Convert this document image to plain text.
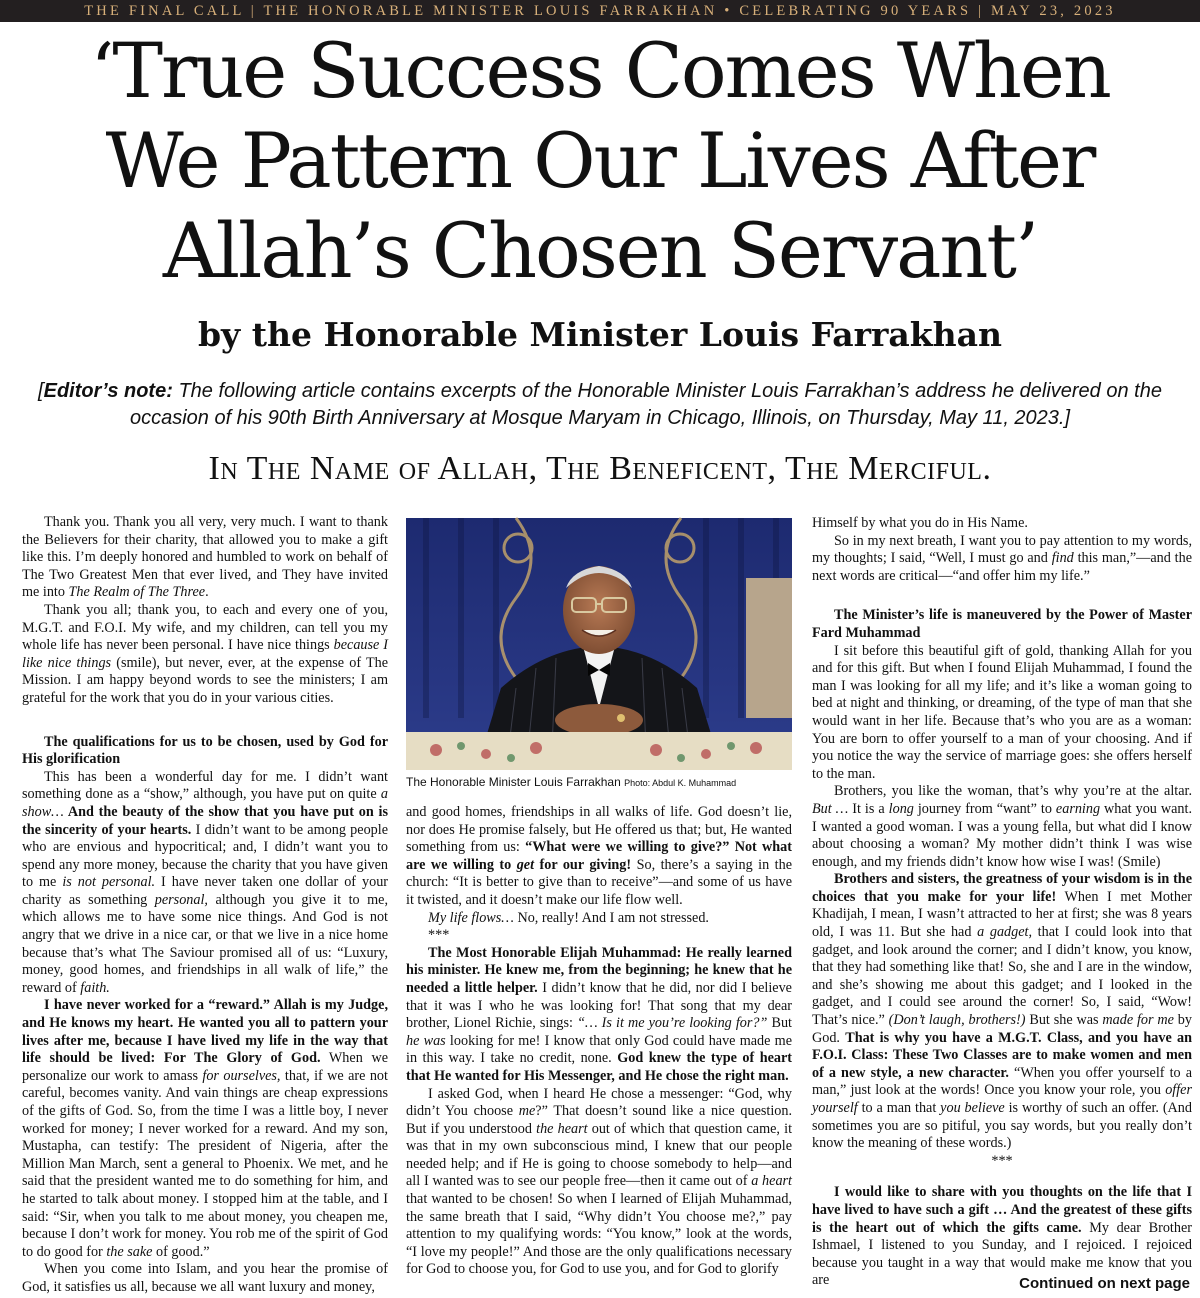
THE FINAL CALL | THE HONORABLE MINISTER LOUIS FARRAKHAN • CELEBRATING 90 YEARS | MAY 23, 2023
‘True Success Comes When
We Pattern Our Lives After
Allah’s Chosen Servant’
by the Honorable Minister Louis Farrakhan
[Editor’s note: The following article contains excerpts of the Honorable Minister Louis Farrakhan’s address he delivered on the occasion of his 90th Birth Anniversary at Mosque Maryam in Chicago, Illinois, on Thursday, May 11, 2023.]
In The Name of Allah, The Beneficent, The Merciful.

Thank you. Thank you all very, very much. I want to thank the Believers for their charity, that allowed you to make a gift like this. I’m deeply honored and humbled to work on behalf of The Two Greatest Men that ever lived, and They have invited me into The Realm of The Three.

Thank you all; thank you, to each and every one of you, M.G.T. and F.O.I. My wife, and my children, can tell you my whole life has never been personal. I have nice things because I like nice things (smile), but never, ever, at the expense of The Mission. I am happy beyond words to see the ministers; I am grateful for the work that you do in your various cities.

The qualifications for us to be chosen, used by God for His glorification

This has been a wonderful day for me. I didn’t want something done as a “show,” although, you have put on quite a show… And the beauty of the show that you have put on is the sincerity of your hearts. I didn’t want to be among people who are envious and hypocritical; and, I didn’t want you to spend any more money, because the charity that you have given to me is not personal. I have never taken one dollar of your charity as something personal, although you give it to me, which allows me to have some nice things. And God is not angry that we drive in a nice car, or that we live in a nice home because that’s what The Saviour promised all of us: “Luxury, money, good homes, and friendships in all walk of life,” the reward of faith.

I have never worked for a “reward.” Allah is my Judge, and He knows my heart. He wanted you all to pattern your lives after me, because I have lived my life in the way that life should be lived: For The Glory of God. When we personalize our work to amass for ourselves, that, if we are not careful, becomes vanity. And vain things are cheap expressions of the gifts of God. So, from the time I was a little boy, I never worked for money; I never worked for a reward. And my son, Mustapha, can testify: The president of Nigeria, after the Million Man March, sent a general to Phoenix. We met, and he said that the president wanted me to do something for him, and he started to talk about money. I stopped him at the table, and I said: “Sir, when you talk to me about money, you cheapen me, because I don’t work for money. You rob me of the spirit of God to do good for the sake of good.”

When you come into Islam, and you hear the promise of God, it satisfies us all, because we all want luxury and money,

The Honorable Minister Louis Farrakhan Photo: Abdul K. Muhammad

and good homes, friendships in all walks of life. God doesn’t lie, nor does He promise falsely, but He offered us that; but, He wanted something from us: “What were we willing to give?” Not what are we willing to get for our giving! So, there’s a saying in the church: “It is better to give than to receive”—and some of us have it twisted, and it doesn’t make our life flow well.

My life flows… No, really! And I am not stressed.

***

The Most Honorable Elijah Muhammad: He really learned his minister. He knew me, from the beginning; he knew that he needed a little helper. I didn’t know that he did, nor did I believe that it was I who he was looking for! That song that my dear brother, Lionel Richie, sings: “… Is it me you’re looking for?” But he was looking for me! I know that only God could have made me in this way. I take no credit, none. God knew the type of heart that He wanted for His Messenger, and He chose the right man.

I asked God, when I heard He chose a messenger: “God, why didn’t You choose me?” That doesn’t sound like a nice question. But if you understood the heart out of which that question came, it was that in my own subconscious mind, I knew that our people needed help; and if He is going to choose somebody to help—and all I wanted was to see our people free—then it came out of a heart that wanted to be chosen! So when I learned of Elijah Muhammad, the same breath that I said, “Why didn’t You choose me?,” pay attention to my qualifying words: “You know,” look at the words, “I love my people!” And those are the only qualifications necessary for God to choose you, for God to use you, and for God to glorify

Himself by what you do in His Name.

So in my next breath, I want you to pay attention to my words, my thoughts; I said, “Well, I must go and find this man,”—and the next words are critical—“and offer him my life.”

The Minister’s life is maneuvered by the Power of Master Fard Muhammad

I sit before this beautiful gift of gold, thanking Allah for you and for this gift. But when I found Elijah Muhammad, I found the man I was looking for all my life; and it’s like a woman going to bed at night and thinking, or dreaming, of the type of man that she would want in her life. Because that’s who you are as a woman: You are born to offer yourself to a man of your choosing. And if you notice the way the service of marriage goes: she offers herself to the man.

Brothers, you like the woman, that’s why you’re at the altar. But … It is a long journey from “want” to earning what you want. I wanted a good woman. I was a young fella, but what did I know about choosing a woman? My mother didn’t think I was wise enough, and my friends didn’t know how wise I was! (Smile)

Brothers and sisters, the greatness of your wisdom is in the choices that you make for your life! When I met Mother Khadijah, I mean, I wasn’t attracted to her at first; she was 8 years old, I was 11. But she had a gadget, that I could look into that gadget, and look around the corner; and I didn’t know, you know, that they had something like that! So, she and I are in the window, and she’s showing me about this gadget; and I looked in the gadget, and I could see around the corner! So, I said, “Wow! That’s nice.” (Don’t laugh, brothers!) But she was made for me by God. That is why you have a M.G.T. Class, and you have an F.O.I. Class: These Two Classes are to make women and men of a new style, a new character. “When you offer yourself to a man,” just look at the words! Once you know your role, you offer yourself to a man that you believe is worthy of such an offer. (And sometimes you are so pitiful, you say words, but you really don’t know the meaning of these words.)

***

I would like to share with you thoughts on the life that I have lived to have such a gift … And the greatest of these gifts is the heart out of which the gifts came. My dear Brother Ishmael, I listened to you Sunday, and I rejoiced. I rejoiced because you taught in a way that would make me know that you are	Continued on next page
